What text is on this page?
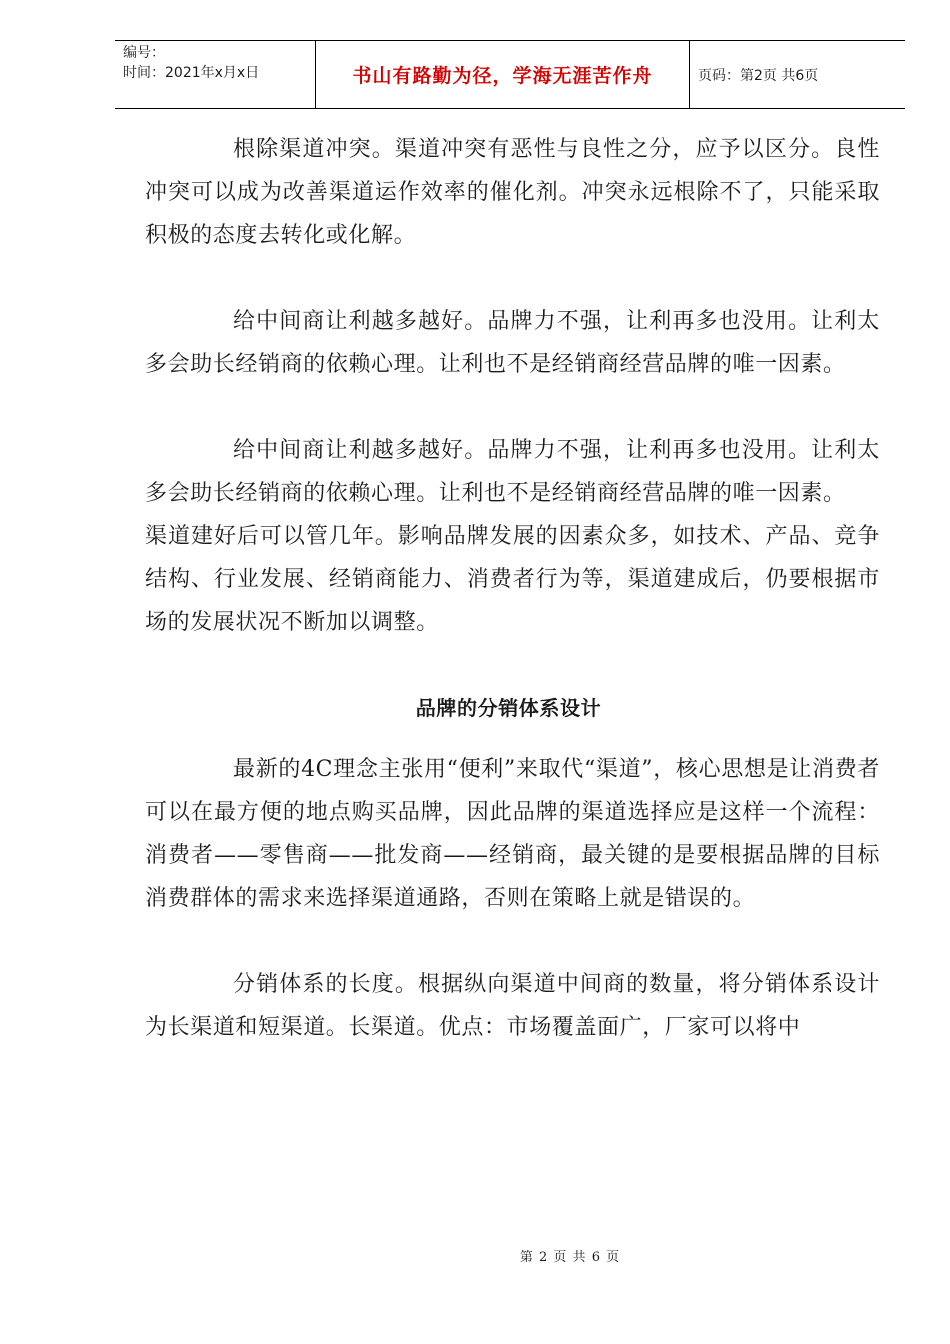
编号：
时间：2021年x月x日	书山有路勤为径，学海无涯苦作舟	页码：第2页 共6页

根除渠道冲突。渠道冲突有恶性与良性之分，应予以区分。良性冲突可以成为改善渠道运作效率的催化剂。冲突永远根除不了，只能采取积极的态度去转化或化解。

给中间商让利越多越好。品牌力不强，让利再多也没用。让利太多会助长经销商的依赖心理。让利也不是经销商经营品牌的唯一因素。

给中间商让利越多越好。品牌力不强，让利再多也没用。让利太多会助长经销商的依赖心理。让利也不是经销商经营品牌的唯一因素。

渠道建好后可以管几年。影响品牌发展的因素众多，如技术、产品、竞争结构、行业发展、经销商能力、消费者行为等，渠道建成后，仍要根据市场的发展状况不断加以调整。

品牌的分销体系设计

最新的4C理念主张用“便利”来取代“渠道”，核心思想是让消费者可以在最方便的地点购买品牌，因此品牌的渠道选择应是这样一个流程：消费者——零售商——批发商——经销商，最关键的是要根据品牌的目标消费群体的需求来选择渠道通路，否则在策略上就是错误的。

分销体系的长度。根据纵向渠道中间商的数量，将分销体系设计为长渠道和短渠道。长渠道。优点：市场覆盖面广，厂家可以将中

第 2 页 共 6 页
